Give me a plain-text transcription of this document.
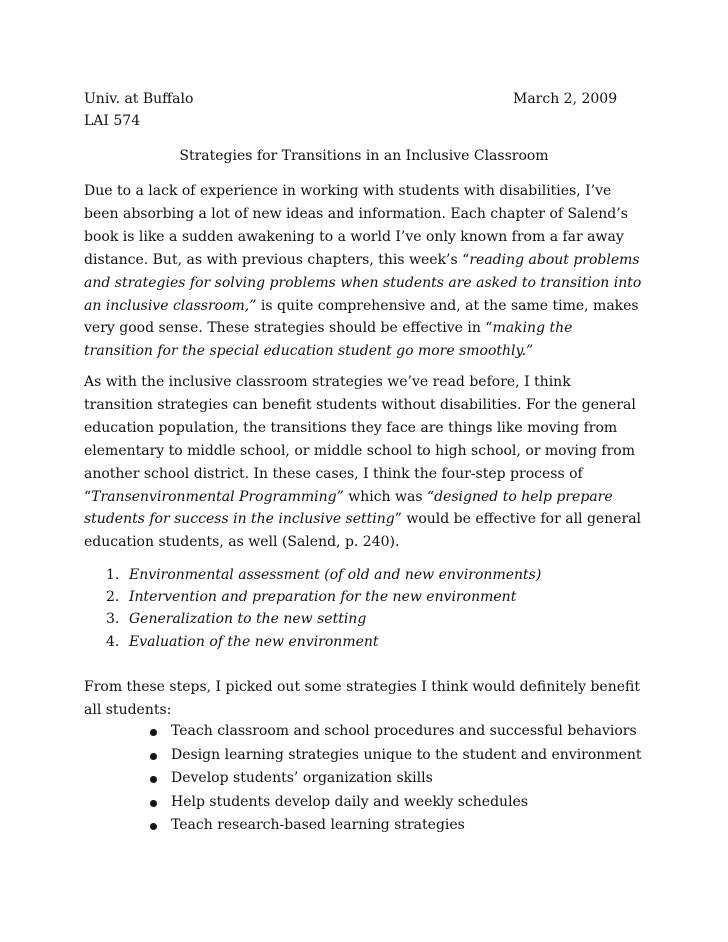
Univ. at Buffalo	March 2, 2009
LAI 574
Strategies for Transitions in an Inclusive Classroom

Due to a lack of experience in working with students with disabilities, I’ve been absorbing a lot of new ideas and information. Each chapter of Salend’s book is like a sudden awakening to a world I’ve only known from a far away distance. But, as with previous chapters, this week’s “reading about problems and strategies for solving problems when students are asked to transition into an inclusive classroom,” is quite comprehensive and, at the same time, makes very good sense. These strategies should be effective in “making the transition for the special education student go more smoothly.”

As with the inclusive classroom strategies we’ve read before, I think transition strategies can benefit students without disabilities. For the general education population, the transitions they face are things like moving from elementary to middle school, or middle school to high school, or moving from another school district. In these cases, I think the four-step process of “Transenvironmental Programming” which was “designed to help prepare students for success in the inclusive setting” would be effective for all general education students, as well (Salend, p. 240).

1. Environmental assessment (of old and new environments)
2. Intervention and preparation for the new environment
3. Generalization to the new setting
4. Evaluation of the new environment

From these steps, I picked out some strategies I think would definitely benefit all students:

Teach classroom and school procedures and successful behaviors
Design learning strategies unique to the student and environment
Develop students’ organization skills
Help students develop daily and weekly schedules
Teach research-based learning strategies
